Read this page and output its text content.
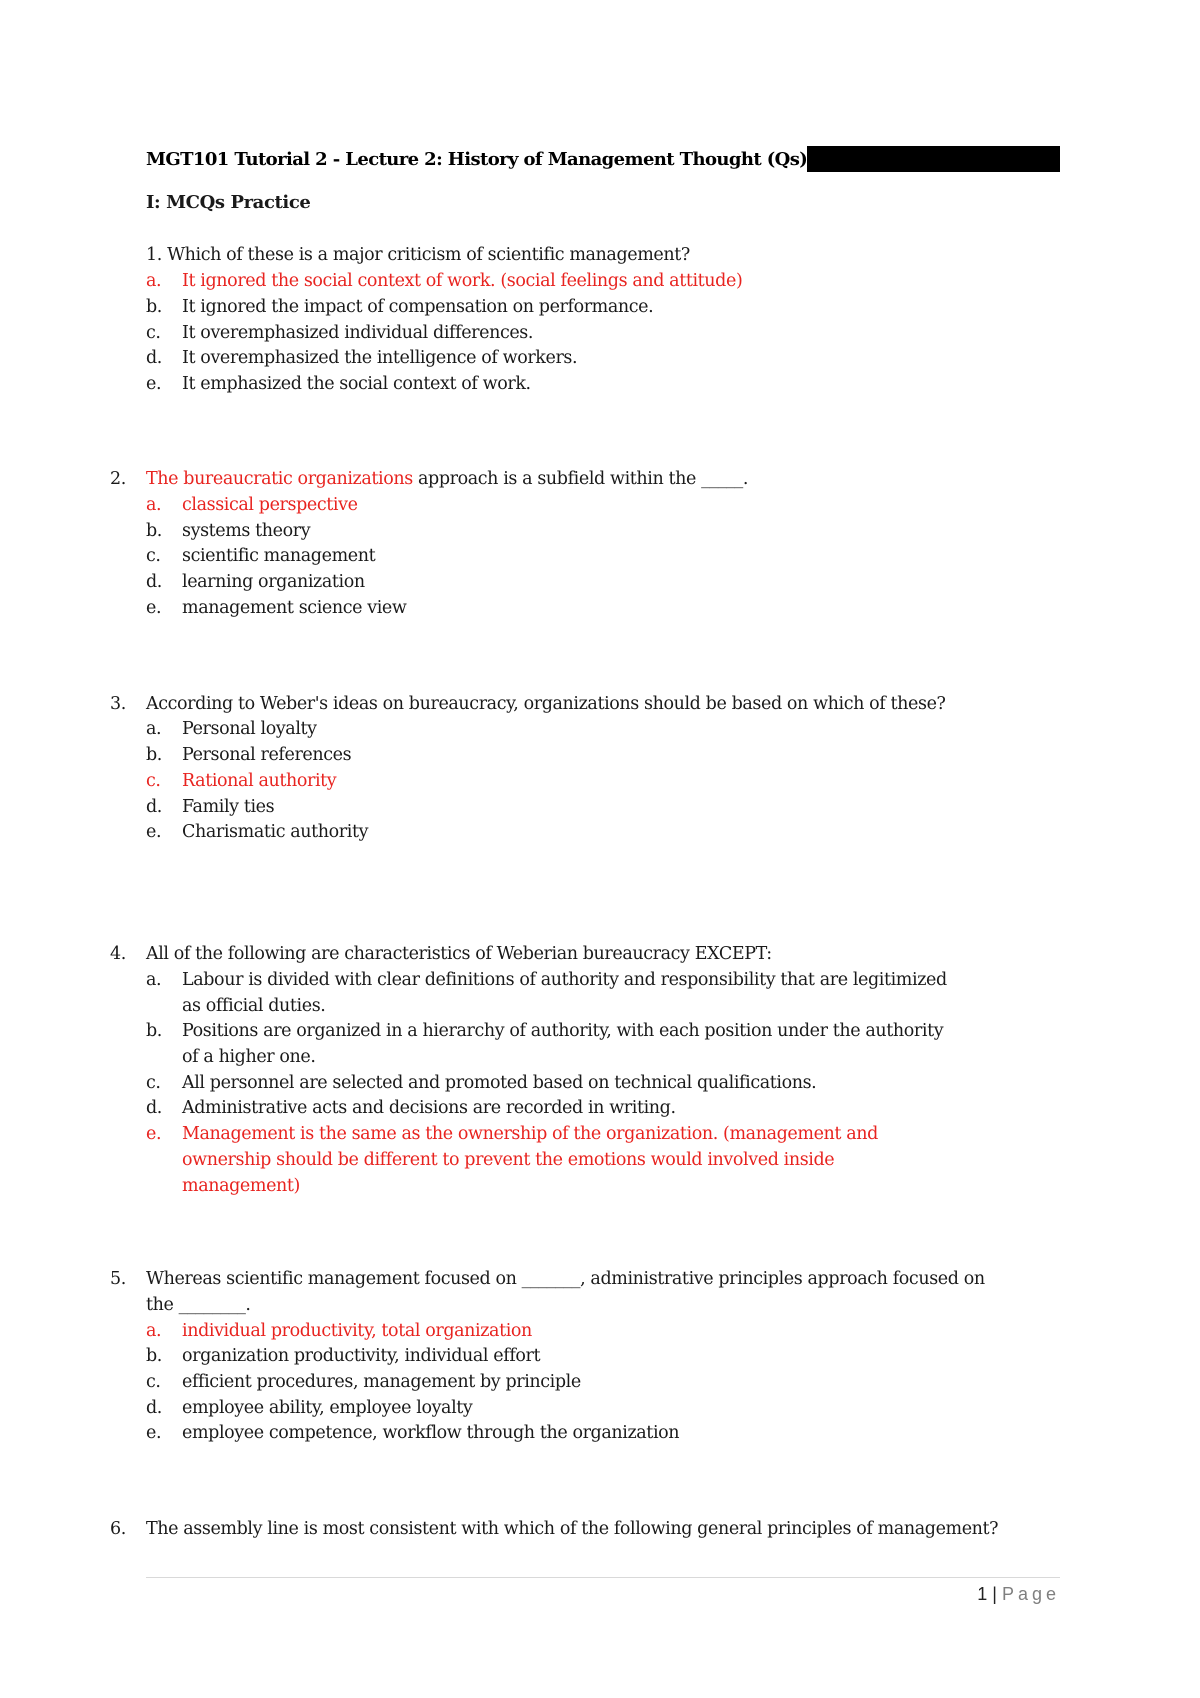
MGT101 Tutorial 2 - Lecture 2: History of Management Thought (Qs)
I: MCQs Practice
1. Which of these is a major criticism of scientific management?
a. It ignored the social context of work. (social feelings and attitude)
b. It ignored the impact of compensation on performance.
c. It overemphasized individual differences.
d. It overemphasized the intelligence of workers.
e. It emphasized the social context of work.
2. The bureaucratic organizations approach is a subfield within the _____.
a. classical perspective
b. systems theory
c. scientific management
d. learning organization
e. management science view
3. According to Weber's ideas on bureaucracy, organizations should be based on which of these?
a. Personal loyalty
b. Personal references
c. Rational authority
d. Family ties
e. Charismatic authority
4. All of the following are characteristics of Weberian bureaucracy EXCEPT:
a. Labour is divided with clear definitions of authority and responsibility that are legitimized
as official duties.
b. Positions are organized in a hierarchy of authority, with each position under the authority
of a higher one.
c. All personnel are selected and promoted based on technical qualifications.
d. Administrative acts and decisions are recorded in writing.
e. Management is the same as the ownership of the organization. (management and
ownership should be different to prevent the emotions would involved inside
management)
5. Whereas scientific management focused on _______, administrative principles approach focused on
the ________.
a. individual productivity, total organization
b. organization productivity, individual effort
c. efficient procedures, management by principle
d. employee ability, employee loyalty
e. employee competence, workflow through the organization
6. The assembly line is most consistent with which of the following general principles of management?
1 | Page
